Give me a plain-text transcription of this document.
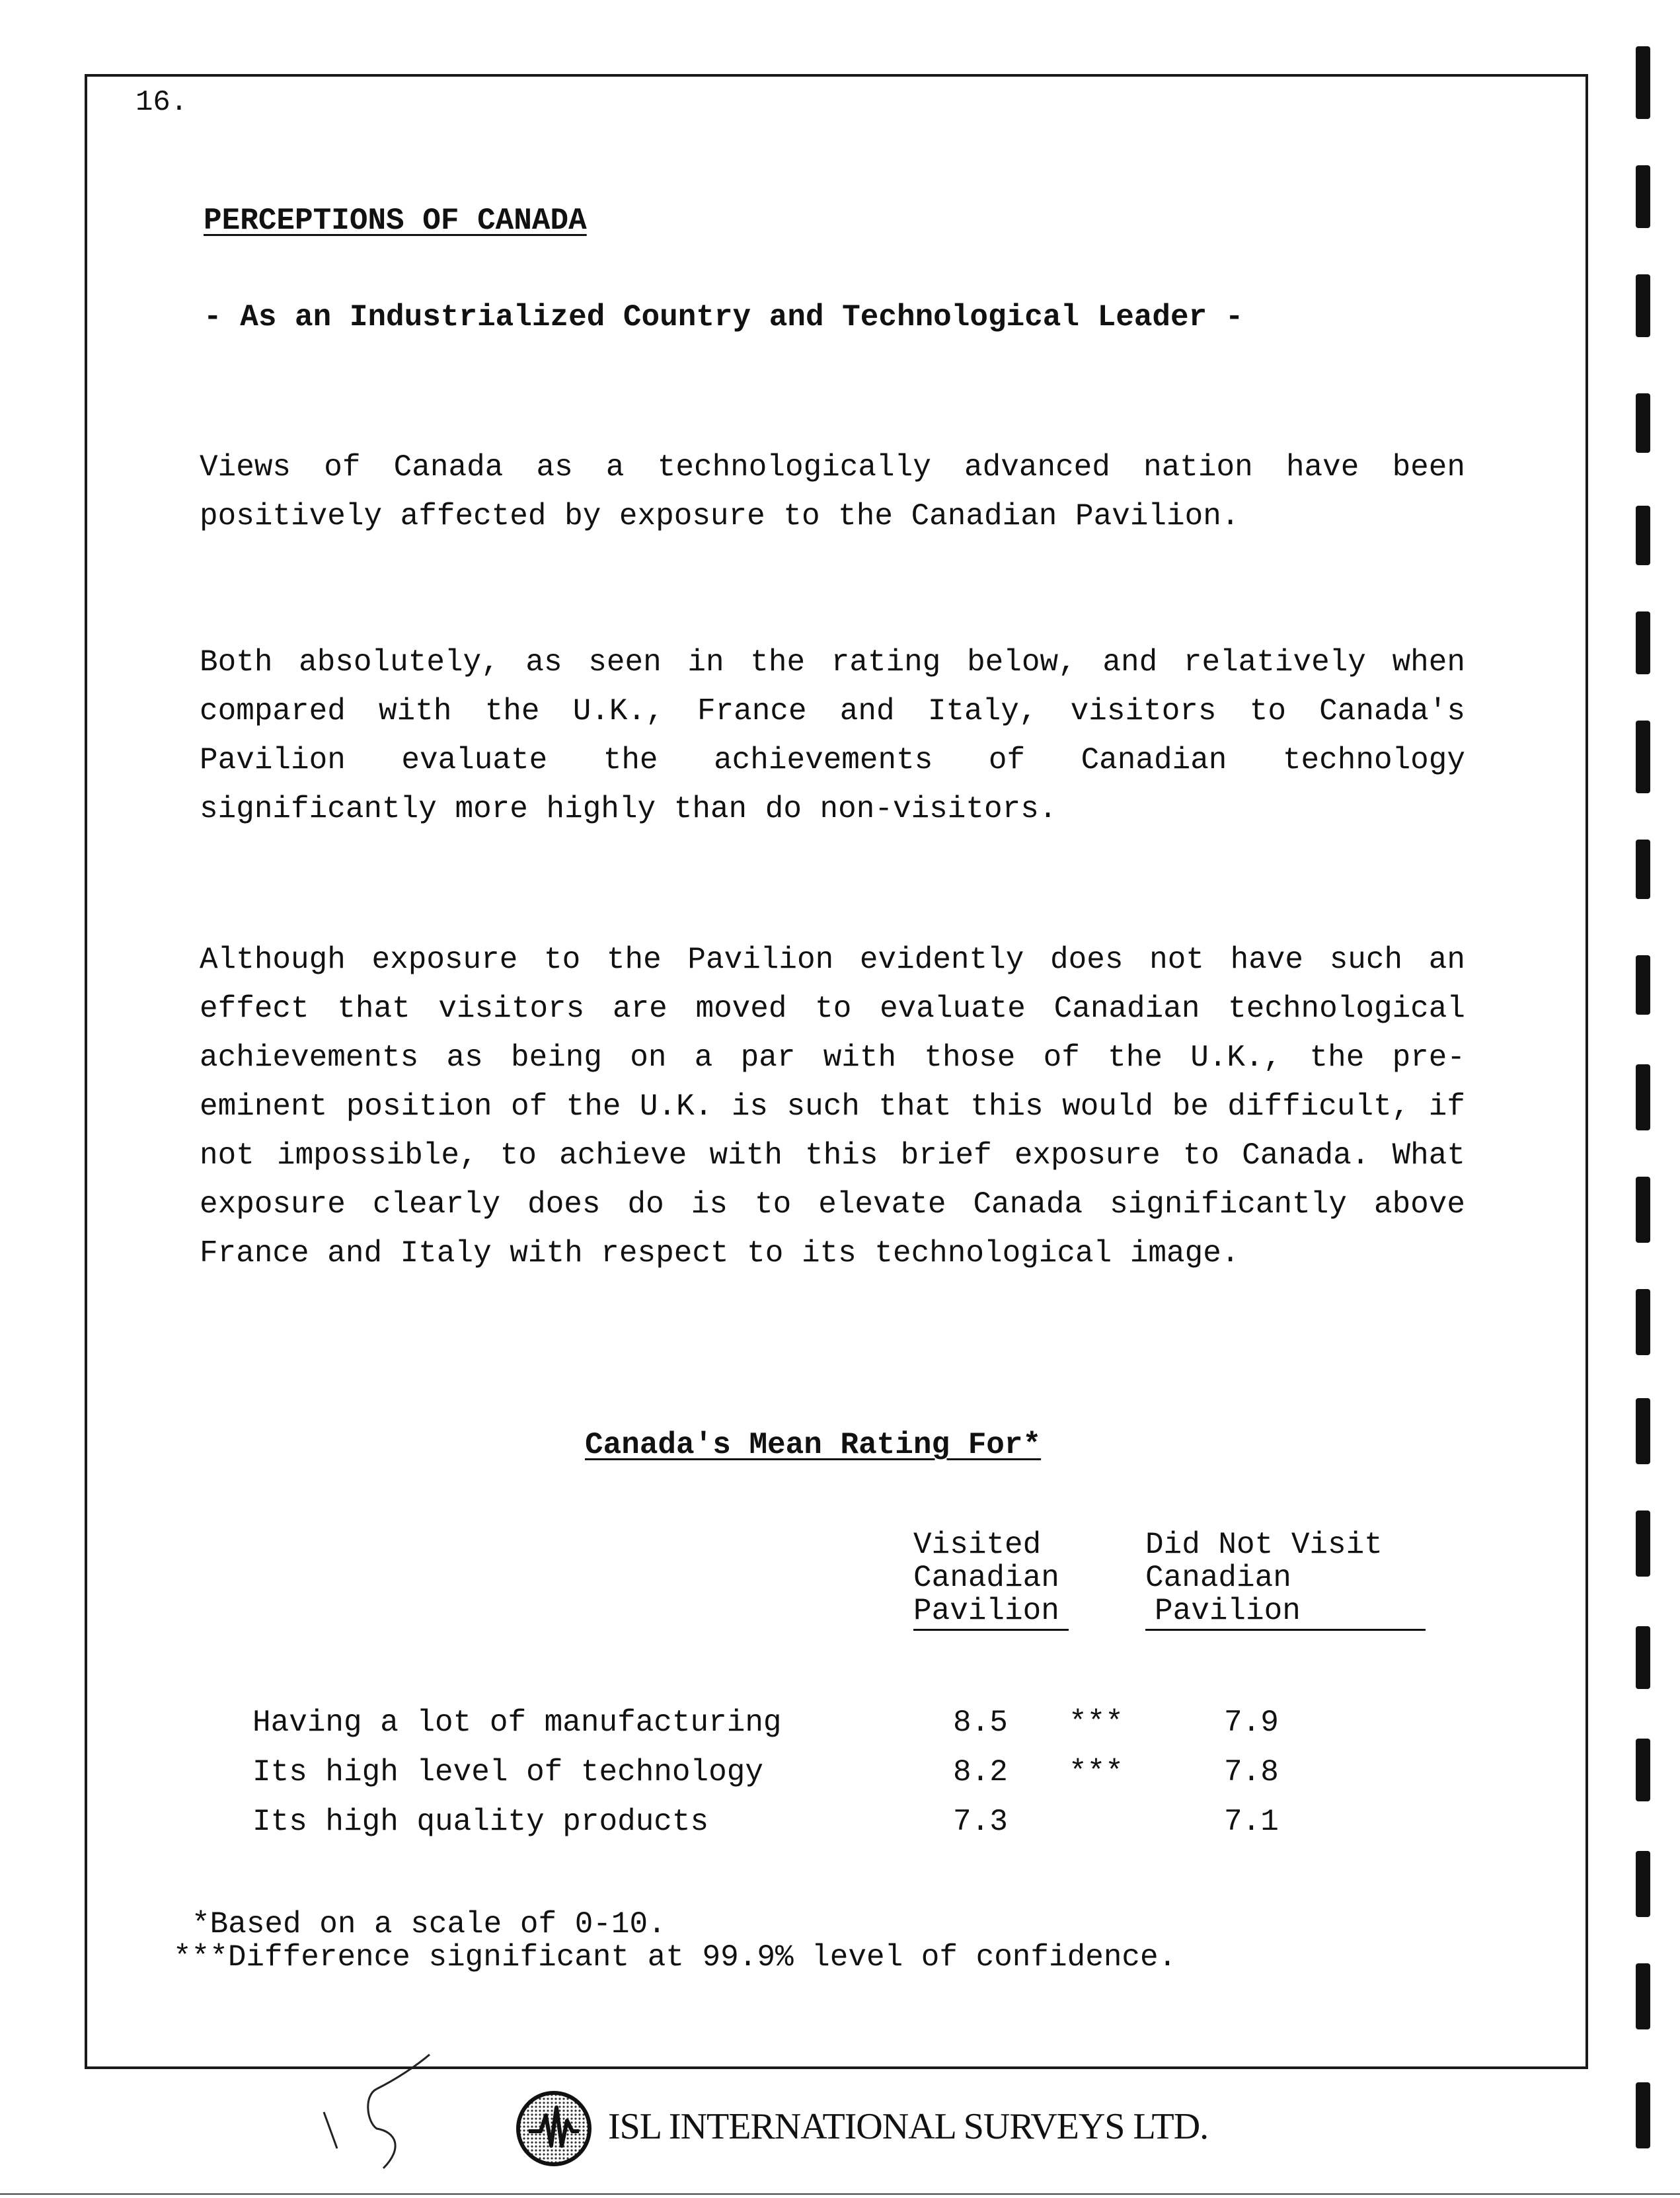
16.
PERCEPTIONS OF CANADA
- As an Industrialized Country and Technological Leader -

Views of Canada as a technologically advanced nation have been positively affected by exposure to the Canadian Pavilion.

Both absolutely, as seen in the rating below, and relatively when compared with the U.K., France and Italy, visitors to Canada's Pavilion evaluate the achievements of Canadian technology significantly more highly than do non-visitors.

Although exposure to the Pavilion evidently does not have such an effect that visitors are moved to evaluate Canadian technological achievements as being on a par with those of the U.K., the pre-eminent position of the U.K. is such that this would be difficult, if not impossible, to achieve with this brief exposure to Canada. What exposure clearly does do is to elevate Canada significantly above France and Italy with respect to its technological image.

Canada's Mean Rating For*
Visited
Canadian
Pavilion
Did Not Visit
Canadian
Pavilion
Having a lot of manufacturing	8.5 ***	7.9
Its high level of technology	8.2 ***	7.8
Its high quality products	7.3	7.1
*Based on a scale of 0-10.
***Difference significant at 99.9% level of confidence.
ISL INTERNATIONAL SURVEYS LTD.
